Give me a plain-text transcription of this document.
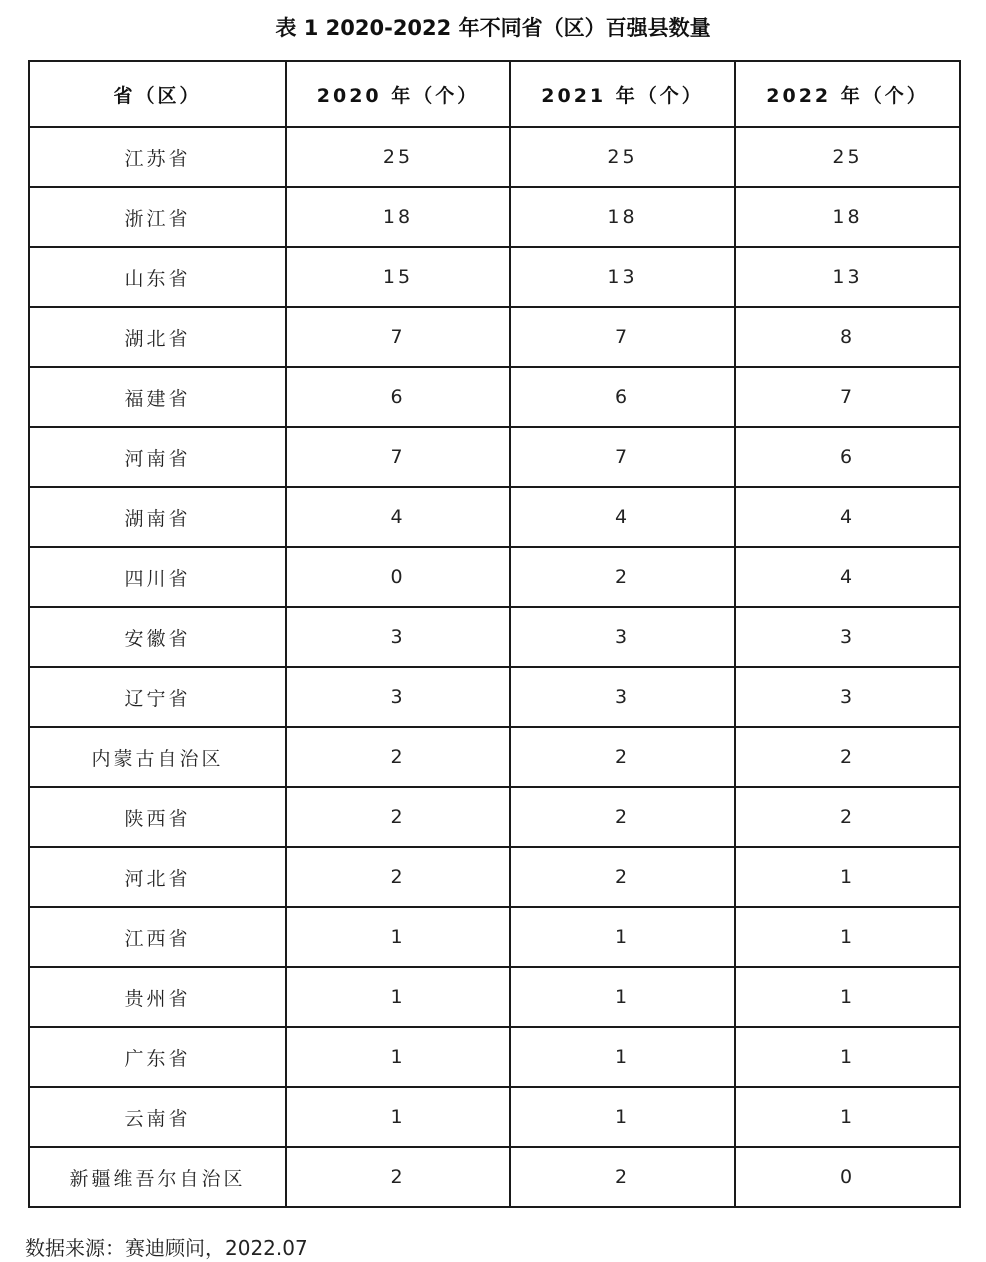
表 1 2020-2022 年不同省（区）百强县数量
省（区）	2020 年（个）	2021 年（个）	2022 年（个）
江苏省	25	25	25
浙江省	18	18	18
山东省	15	13	13
湖北省	7	7	8
福建省	6	6	7
河南省	7	7	6
湖南省	4	4	4
四川省	0	2	4
安徽省	3	3	3
辽宁省	3	3	3
内蒙古自治区	2	2	2
陕西省	2	2	2
河北省	2	2	1
江西省	1	1	1
贵州省	1	1	1
广东省	1	1	1
云南省	1	1	1
新疆维吾尔自治区	2	2	0
数据来源：赛迪顾问，2022.07
